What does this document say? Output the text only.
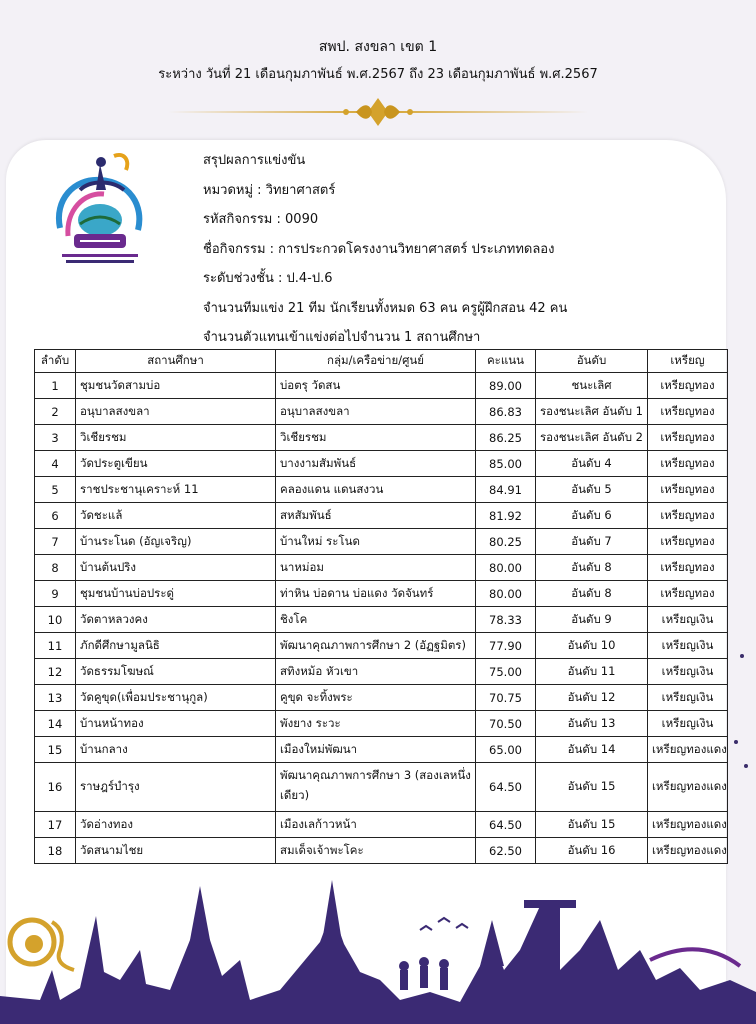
สพป. สงขลา เขต 1
ระหว่าง วันที่ 21 เดือนกุมภาพันธ์ พ.ศ.2567 ถึง 23 เดือนกุมภาพันธ์ พ.ศ.2567
สรุปผลการแข่งขัน
หมวดหมู่ : วิทยาศาสตร์
รหัสกิจกรรม : 0090
ชื่อกิจกรรม : การประกวดโครงงานวิทยาศาสตร์ ประเภททดลอง
ระดับช่วงชั้น : ป.4-ป.6
จำนวนทีมแข่ง 21 ทีม นักเรียนทั้งหมด 63 คน ครูผู้ฝึกสอน 42 คน
จำนวนตัวแทนเข้าแข่งต่อไปจำนวน 1 สถานศึกษา
ลำดับ	สถานศึกษา	กลุ่ม/เครือข่าย/ศูนย์	คะแนน	อันดับ	เหรียญ
1	ชุมชนวัดสามบ่อ	บ่อตรุ วัดสน	89.00	ชนะเลิศ	เหรียญทอง
2	อนุบาลสงขลา	อนุบาลสงขลา	86.83	รองชนะเลิศ อันดับ 1	เหรียญทอง
3	วิเชียรชม	วิเชียรชม	86.25	รองชนะเลิศ อันดับ 2	เหรียญทอง
4	วัดประตูเขียน	บางงามสัมพันธ์	85.00	อันดับ 4	เหรียญทอง
5	ราชประชานุเคราะห์ 11	คลองแดน แดนสงวน	84.91	อันดับ 5	เหรียญทอง
6	วัดชะแล้	สหสัมพันธ์	81.92	อันดับ 6	เหรียญทอง
7	บ้านระโนด (อัญเจริญ)	บ้านใหม่ ระโนด	80.25	อันดับ 7	เหรียญทอง
8	บ้านต้นปริง	นาหม่อม	80.00	อันดับ 8	เหรียญทอง
9	ชุมชนบ้านบ่อประดู่	ท่าหิน บ่อดาน บ่อแดง วัดจันทร์	80.00	อันดับ 8	เหรียญทอง
10	วัดตาหลวงคง	ชิงโค	78.33	อันดับ 9	เหรียญเงิน
11	ภักดีศึกษามูลนิธิ	พัฒนาคุณภาพการศึกษา 2 (อัฏฐมิตร)	77.90	อันดับ 10	เหรียญเงิน
12	วัดธรรมโฆษณ์	สทิงหม้อ หัวเขา	75.00	อันดับ 11	เหรียญเงิน
13	วัดคูขุด(เพื่อมประชานุกูล)	คูขุด จะทิ้งพระ	70.75	อันดับ 12	เหรียญเงิน
14	บ้านหน้าทอง	พังยาง ระวะ	70.50	อันดับ 13	เหรียญเงิน
15	บ้านกลาง	เมืองใหม่พัฒนา	65.00	อันดับ 14	เหรียญทองแดง
16	ราษฎร์บำรุง	พัฒนาคุณภาพการศึกษา 3 (สองเลหนึ่งเดียว)	64.50	อันดับ 15	เหรียญทองแดง
17	วัดอ่างทอง	เมืองเลก้าวหน้า	64.50	อันดับ 15	เหรียญทองแดง
18	วัดสนามไชย	สมเด็จเจ้าพะโคะ	62.50	อันดับ 16	เหรียญทองแดง
